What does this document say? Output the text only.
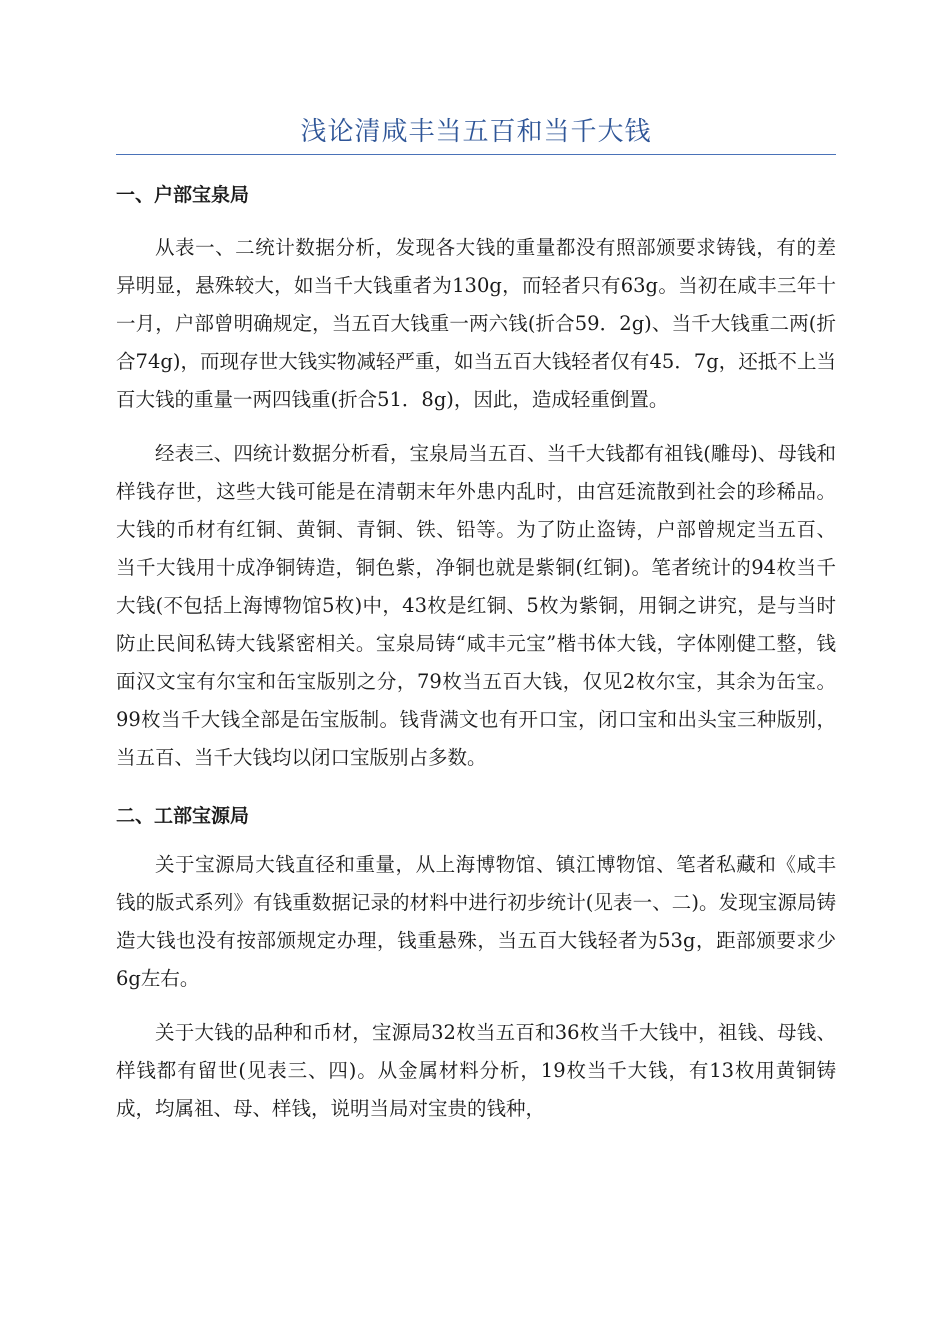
浅论清咸丰当五百和当千大钱
一、户部宝泉局

从表一、二统计数据分析，发现各大钱的重量都没有照部颁要求铸钱，有的差异明显，悬殊较大，如当千大钱重者为130g，而轻者只有63g。当初在咸丰三年十一月，户部曾明确规定，当五百大钱重一两六钱(折合59．2g)、当千大钱重二两(折合74g)，而现存世大钱实物减轻严重，如当五百大钱轻者仅有45．7g，还抵不上当百大钱的重量一两四钱重(折合51．8g)，因此，造成轻重倒置。

经表三、四统计数据分析看，宝泉局当五百、当千大钱都有祖钱(雕母)、母钱和样钱存世，这些大钱可能是在清朝末年外患内乱时，由宫廷流散到社会的珍稀品。大钱的币材有红铜、黄铜、青铜、铁、铅等。为了防止盗铸，户部曾规定当五百、当千大钱用十成净铜铸造，铜色紫，净铜也就是紫铜(红铜)。笔者统计的94枚当千大钱(不包括上海博物馆5枚)中，43枚是红铜、5枚为紫铜，用铜之讲究，是与当时防止民间私铸大钱紧密相关。宝泉局铸“咸丰元宝”楷书体大钱，字体刚健工整，钱面汉文宝有尔宝和缶宝版别之分，79枚当五百大钱，仅见2枚尔宝，其余为缶宝。99枚当千大钱全部是缶宝版制。钱背满文也有开口宝，闭口宝和出头宝三种版别，当五百、当千大钱均以闭口宝版别占多数。

二、工部宝源局

关于宝源局大钱直径和重量，从上海博物馆、镇江博物馆、笔者私藏和《咸丰钱的版式系列》有钱重数据记录的材料中进行初步统计(见表一、二)。发现宝源局铸造大钱也没有按部颁规定办理，钱重悬殊，当五百大钱轻者为53g，距部颁要求少6g左右。

关于大钱的品种和币材，宝源局32枚当五百和36枚当千大钱中，祖钱、母钱、样钱都有留世(见表三、四)。从金属材料分析，19枚当千大钱，有13枚用黄铜铸成，均属祖、母、样钱，说明当局对宝贵的钱种，
